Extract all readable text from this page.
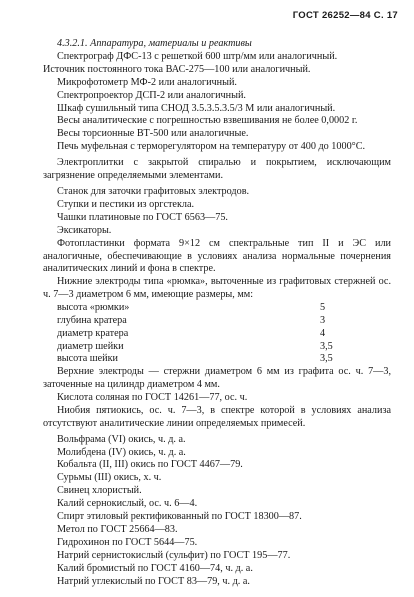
ГОСТ 26252—84 С. 17

4.3.2.1. Аппаратура, материалы и реактивы

Спектрограф ДФС-13 с решеткой 600 штр/мм или аналогичный.

Источник постоянного тока ВАС-275—100 или аналогичный.

Микрофотометр МФ-2 или аналогичный.

Спектропроектор ДСП-2 или аналогичный.

Шкаф сушильный типа СНОД 3.5.3.5.3.5/3 М или аналогичный.

Весы аналитические с погрешностью взвешивания не более 0,0002 г.

Весы торсионные ВТ-500 или аналогичные.

Печь муфельная с терморегулятором на температуру от 400 до 1000°С.

Электроплитки с закрытой спиралью и покрытием, исключающим загрязнение определяемыми элементами.

Станок для заточки графитовых электродов.

Ступки и пестики из оргстекла.

Чашки платиновые по ГОСТ 6563—75.

Эксикаторы.

Фотопластинки формата 9×12 см спектральные тип II и ЭС или аналогичные, обеспечивающие в условиях анализа нормальные почернения аналитических линий и фона в спектре.

Нижние электроды типа «рюмка», выточенные из графитовых стержней ос. ч. 7—3 диаметром 6 мм, имеющие размеры, мм:

высота «рюмки»	5
глубина кратера	3
диаметр кратера	4
диаметр шейки	3,5
высота шейки	3,5

Верхние электроды — стержни диаметром 6 мм из графита ос. ч. 7—3, заточенные на цилиндр диаметром 4 мм.

Кислота соляная по ГОСТ 14261—77, ос. ч.

Ниобия пятиокись, ос. ч. 7—3, в спектре которой в условиях анализа отсутствуют аналитические линии определяемых примесей.

Вольфрама (VI) окись, ч. д. а.

Молибдена (IV) окись, ч. д. а.

Кобальта (II, III) окись по ГОСТ 4467—79.

Сурьмы (III) окись, х. ч.

Свинец хлористый.

Калий сернокислый, ос. ч. 6—4.

Спирт этиловый ректификованный по ГОСТ 18300—87.

Метол по ГОСТ 25664—83.

Гидрохинон по ГОСТ 5644—75.

Натрий сернистокислый (сульфит) по ГОСТ 195—77.

Калий бромистый по ГОСТ 4160—74, ч. д. а.

Натрий углекислый по ГОСТ 83—79, ч. д. а.
